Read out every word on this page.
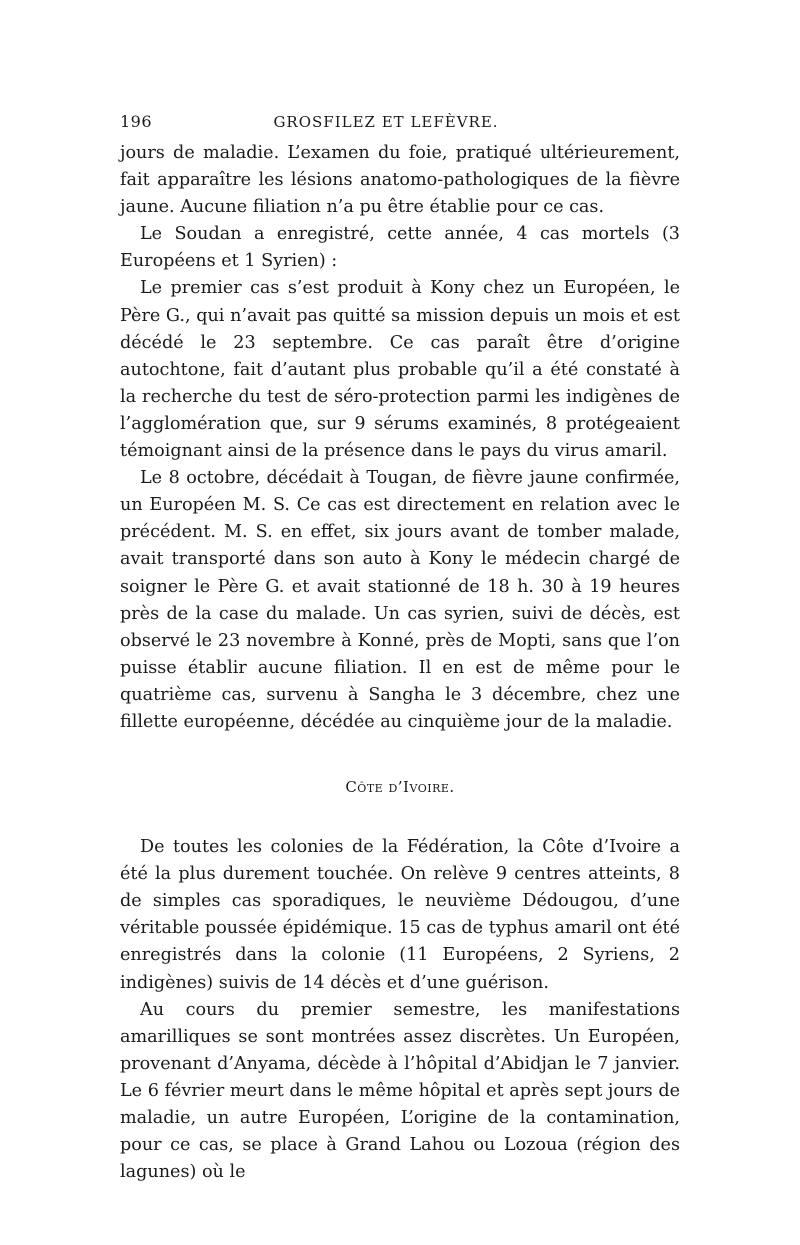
196	GROSFILEZ ET LEFÈVRE.

jours de maladie. L’examen du foie, pratiqué ultérieurement, fait apparaître les lésions anatomo-pathologiques de la fièvre jaune. Aucune filiation n’a pu être établie pour ce cas.

Le Soudan a enregistré, cette année, 4 cas mortels (3 Européens et 1 Syrien) :

Le premier cas s’est produit à Kony chez un Européen, le Père G., qui n’avait pas quitté sa mission depuis un mois et est décédé le 23 septembre. Ce cas paraît être d’origine autochtone, fait d’autant plus probable qu’il a été constaté à la recherche du test de séro-protection parmi les indigènes de l’agglomération que, sur 9 sérums examinés, 8 protégeaient témoignant ainsi de la présence dans le pays du virus amaril.

Le 8 octobre, décédait à Tougan, de fièvre jaune confirmée, un Européen M. S. Ce cas est directement en relation avec le précédent. M. S. en effet, six jours avant de tomber malade, avait transporté dans son auto à Kony le médecin chargé de soigner le Père G. et avait stationné de 18 h. 30 à 19 heures près de la case du malade. Un cas syrien, suivi de décès, est observé le 23 novembre à Konné, près de Mopti, sans que l’on puisse établir aucune filiation. Il en est de même pour le quatrième cas, survenu à Sangha le 3 décembre, chez une fillette européenne, décédée au cinquième jour de la maladie.

Côte d’Ivoire.

De toutes les colonies de la Fédération, la Côte d’Ivoire a été la plus durement touchée. On relève 9 centres atteints, 8 de simples cas sporadiques, le neuvième Dédougou, d’une véritable poussée épidémique. 15 cas de typhus amaril ont été enregistrés dans la colonie (11 Européens, 2 Syriens, 2 indigènes) suivis de 14 décès et d’une guérison.

Au cours du premier semestre, les manifestations amarilliques se sont montrées assez discrètes. Un Européen, provenant d’Anyama, décède à l’hôpital d’Abidjan le 7 janvier. Le 6 février meurt dans le même hôpital et après sept jours de maladie, un autre Européen, L’origine de la contamination, pour ce cas, se place à Grand Lahou ou Lozoua (région des lagunes) où le
